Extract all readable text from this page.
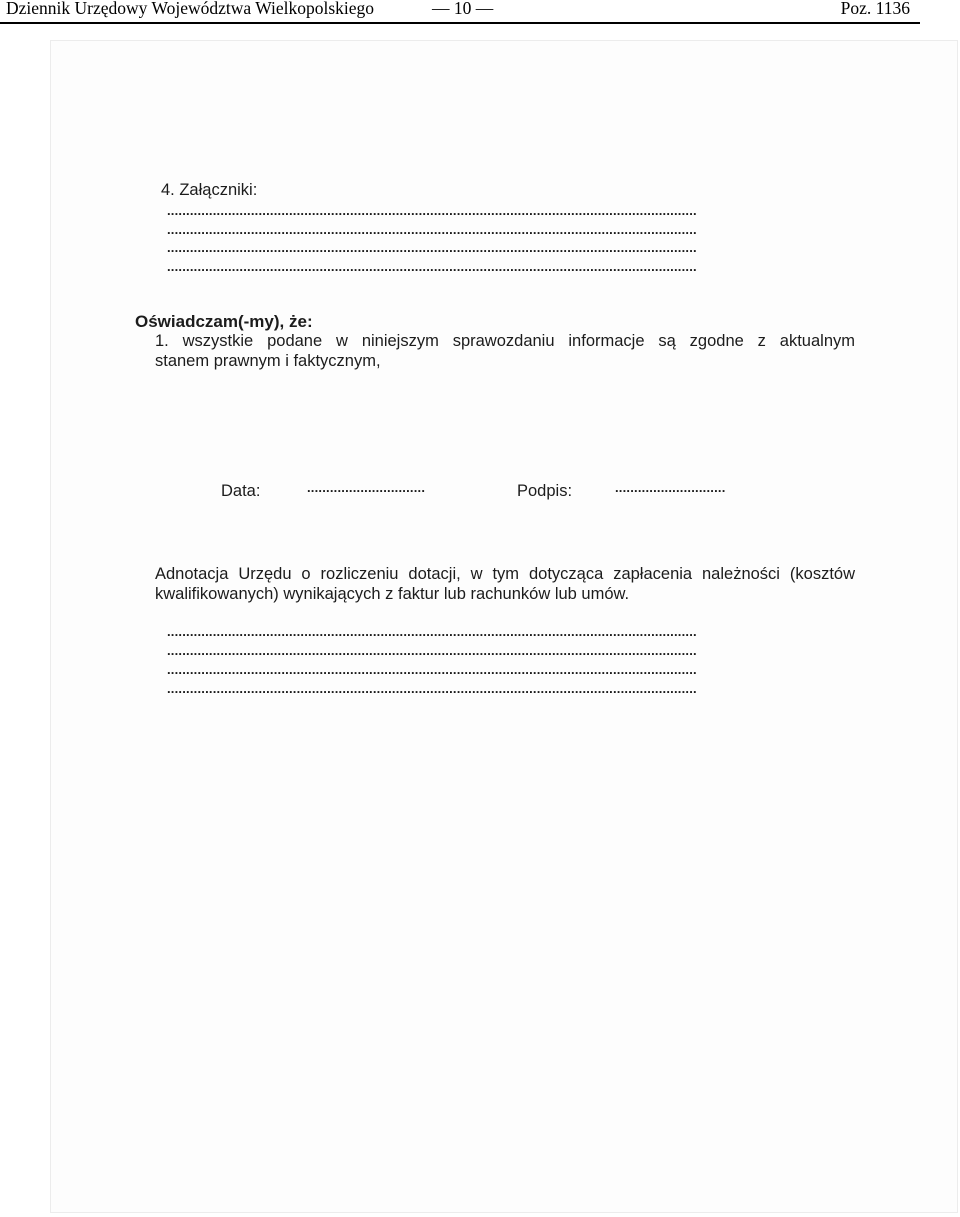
Dziennik Urzędowy Województwa Wielkopolskiego	— 10 —	Poz. 1136
4. Załączniki:
...........................................................................................................................................
...........................................................................................................................................
...........................................................................................................................................
...........................................................................................................................................
Oświadczam(-my), że:
1. wszystkie podane w niniejszym sprawozdaniu informacje są zgodne z aktualnym
stanem prawnym i faktycznym,
Data:	...............................	Podpis:	.............................
Adnotacja Urzędu o rozliczeniu dotacji, w tym dotycząca zapłacenia należności (kosztów
kwalifikowanych) wynikających z faktur lub rachunków lub umów.
...........................................................................................................................................
...........................................................................................................................................
...........................................................................................................................................
...........................................................................................................................................
